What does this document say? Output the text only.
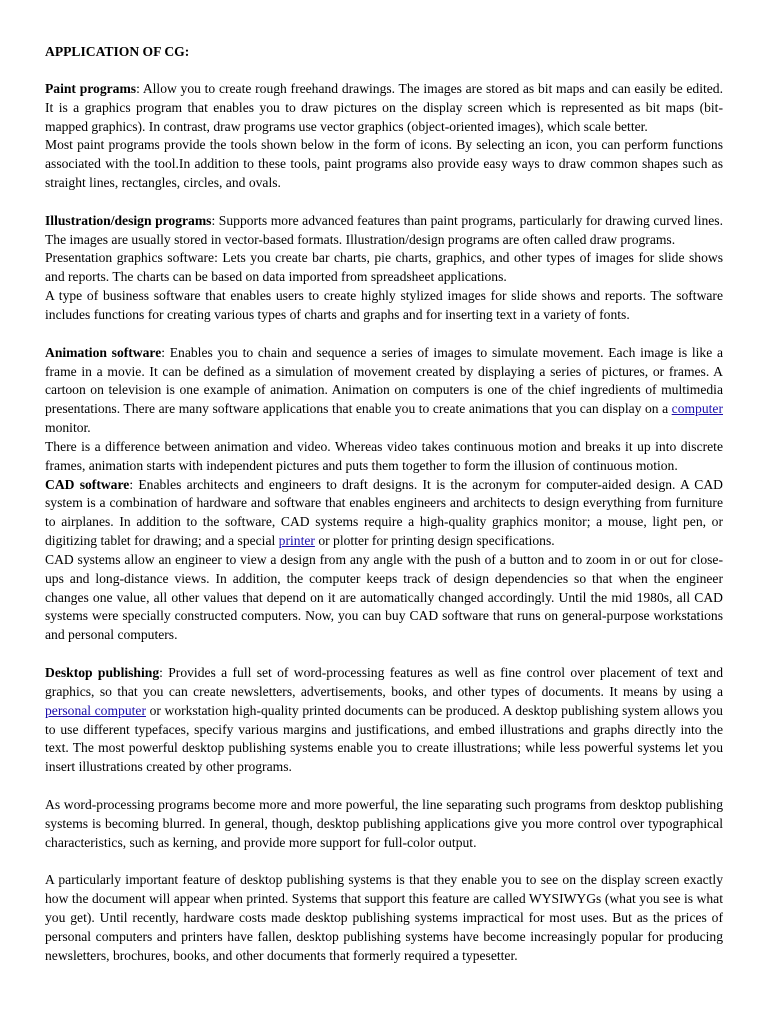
APPLICATION OF CG:

Paint programs: Allow you to create rough freehand drawings. The images are stored as bit maps and can easily be edited. It is a graphics program that enables you to draw pictures on the display screen which is represented as bit maps (bit-mapped graphics). In contrast, draw programs use vector graphics (object-oriented images), which scale better.

Most paint programs provide the tools shown below in the form of icons. By selecting an icon, you can perform functions associated with the tool.In addition to these tools, paint programs also provide easy ways to draw common shapes such as straight lines, rectangles, circles, and ovals.

Illustration/design programs: Supports more advanced features than paint programs, particularly for drawing curved lines. The images are usually stored in vector-based formats. Illustration/design programs are often called draw programs.

Presentation graphics software: Lets you create bar charts, pie charts, graphics, and other types of images for slide shows and reports. The charts can be based on data imported from spreadsheet applications.

A type of business software that enables users to create highly stylized images for slide shows and reports. The software includes functions for creating various types of charts and graphs and for inserting text in a variety of fonts.

Animation software: Enables you to chain and sequence a series of images to simulate movement. Each image is like a frame in a movie. It can be defined as a simulation of movement created by displaying a series of pictures, or frames. A cartoon on television is one example of animation. Animation on computers is one of the chief ingredients of multimedia presentations. There are many software applications that enable you to create animations that you can display on a computer monitor.

There is a difference between animation and video. Whereas video takes continuous motion and breaks it up into discrete frames, animation starts with independent pictures and puts them together to form the illusion of continuous motion.

CAD software: Enables architects and engineers to draft designs. It is the acronym for computer-aided design. A CAD system is a combination of hardware and software that enables engineers and architects to design everything from furniture to airplanes. In addition to the software, CAD systems require a high-quality graphics monitor; a mouse, light pen, or digitizing tablet for drawing; and a special printer or plotter for printing design specifications.

CAD systems allow an engineer to view a design from any angle with the push of a button and to zoom in or out for close-ups and long-distance views. In addition, the computer keeps track of design dependencies so that when the engineer changes one value, all other values that depend on it are automatically changed accordingly. Until the mid 1980s, all CAD systems were specially constructed computers. Now, you can buy CAD software that runs on general-purpose workstations and personal computers.

Desktop publishing: Provides a full set of word-processing features as well as fine control over placement of text and graphics, so that you can create newsletters, advertisements, books, and other types of documents. It means by using a personal computer or workstation high-quality printed documents can be produced. A desktop publishing system allows you to use different typefaces, specify various margins and justifications, and embed illustrations and graphs directly into the text. The most powerful desktop publishing systems enable you to create illustrations; while less powerful systems let you insert illustrations created by other programs.

As word-processing programs become more and more powerful, the line separating such programs from desktop publishing systems is becoming blurred. In general, though, desktop publishing applications give you more control over typographical characteristics, such as kerning, and provide more support for full-color output.

A particularly important feature of desktop publishing systems is that they enable you to see on the display screen exactly how the document will appear when printed. Systems that support this feature are called WYSIWYGs (what you see is what you get). Until recently, hardware costs made desktop publishing systems impractical for most uses. But as the prices of personal computers and printers have fallen, desktop publishing systems have become increasingly popular for producing newsletters, brochures, books, and other documents that formerly required a typesetter.
